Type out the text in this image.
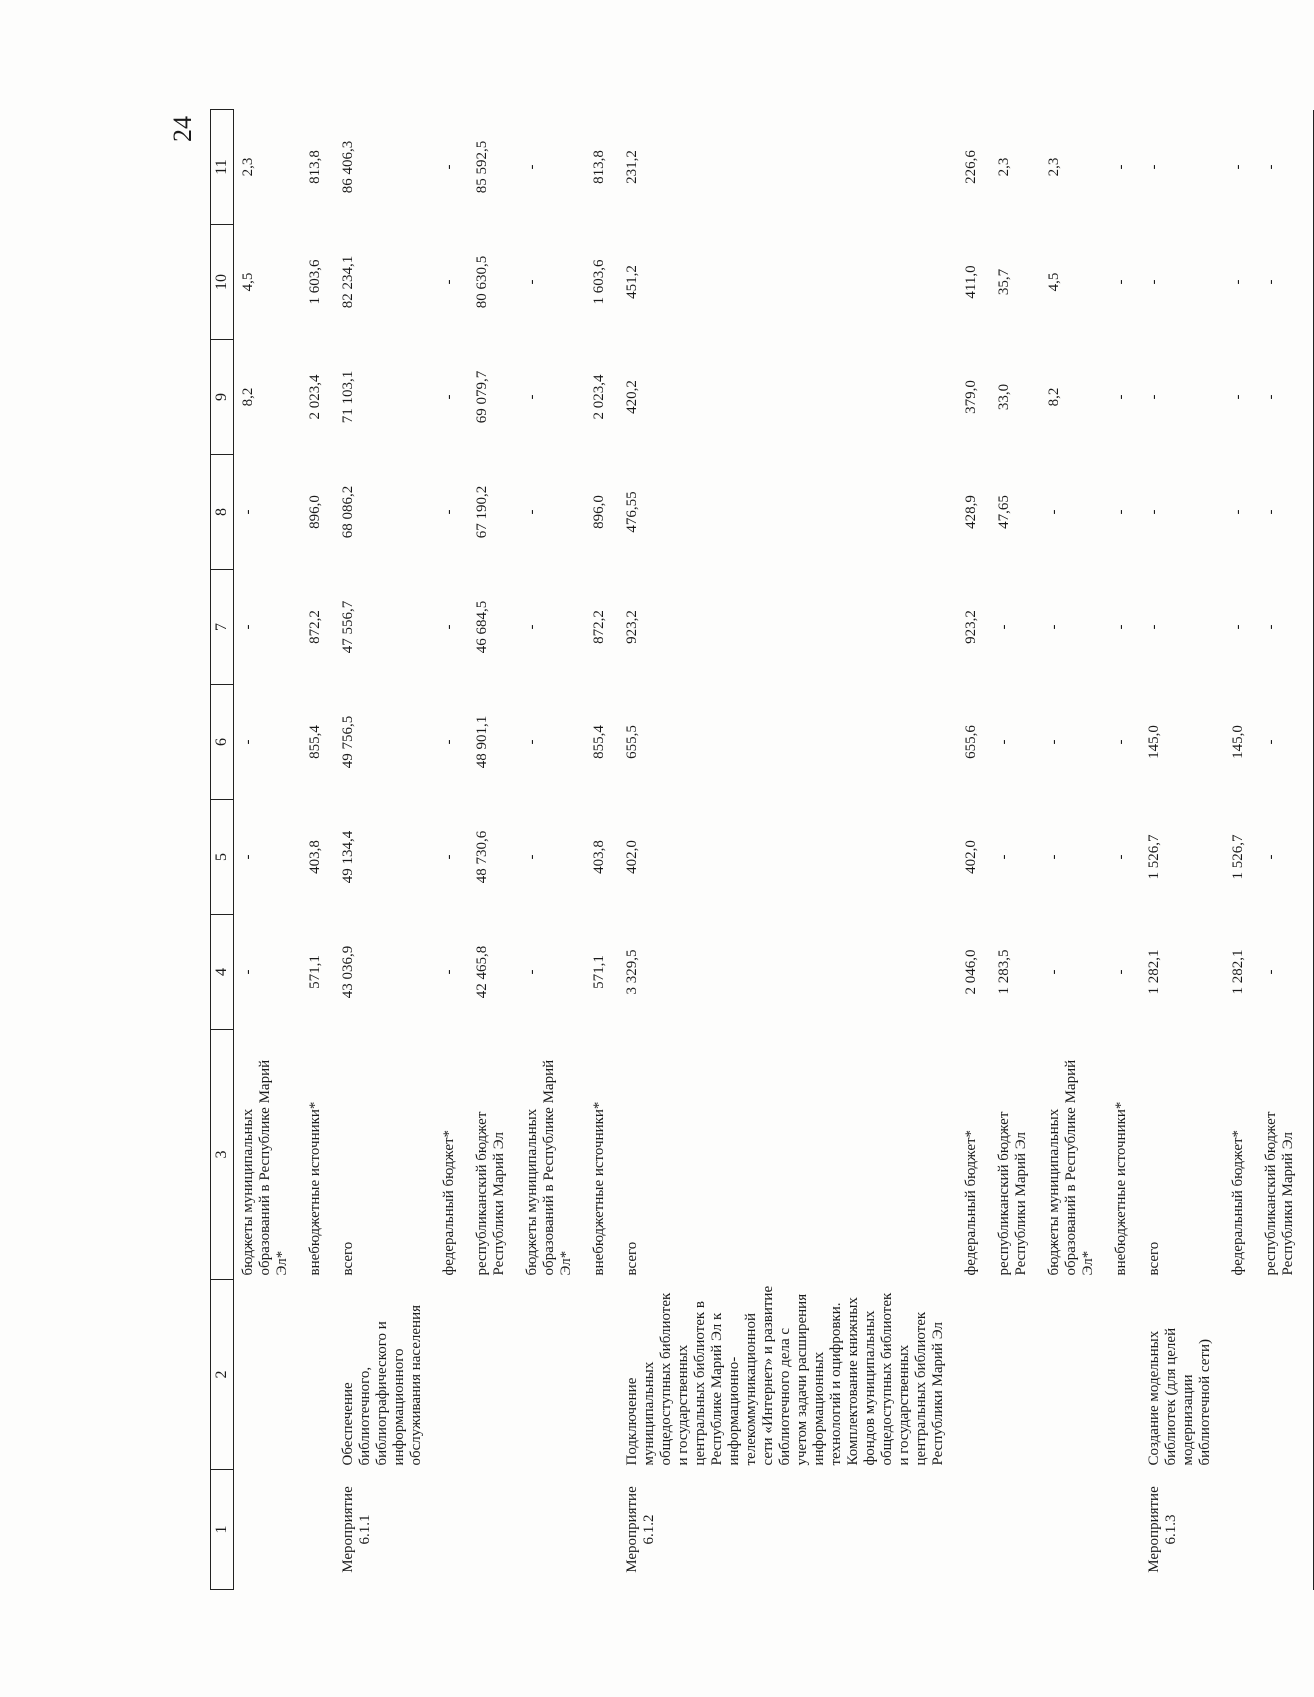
24
1	2	3	4	5	6	7	8	9	10	11
		бюджеты муниципальных образований в Республике Марий Эл*	-	-	-	-	-	8,2	4,5	2,3
		внебюджетные источники*	571,1	403,8	855,4	872,2	896,0	2 023,4	1 603,6	813,8
Мероприятие 6.1.1	Обеспечение библиотечного, библиографического и информационного обслуживания населения	всего	43 036,9	49 134,4	49 756,5	47 556,7	68 086,2	71 103,1	82 234,1	86 406,3
		федеральный бюджет*	-	-	-	-	-	-	-	-
		республиканский бюджет Республики Марий Эл	42 465,8	48 730,6	48 901,1	46 684,5	67 190,2	69 079,7	80 630,5	85 592,5
		бюджеты муниципальных образований в Республике Марий Эл*	-	-	-	-	-	-	-	-
		внебюджетные источники*	571,1	403,8	855,4	872,2	896,0	2 023,4	1 603,6	813,8
Мероприятие 6.1.2	Подключение муниципальных общедоступных библиотек и государственных центральных библиотек в Республике Марий Эл к информационно-телекоммуникационной сети «Интернет» и развитие библиотечного дела с учетом задачи расширения информационных технологий и оцифровки. Комплектование книжных фондов муниципальных общедоступных библиотек и государственных центральных библиотек Республики Марий Эл	всего	3 329,5	402,0	655,5	923,2	476,55	420,2	451,2	231,2
		федеральный бюджет*	2 046,0	402,0	655,6	923,2	428,9	379,0	411,0	226,6
		республиканский бюджет Республики Марий Эл	1 283,5	-	-	-	47,65	33,0	35,7	2,3
		бюджеты муниципальных образований в Республике Марий Эл*	-	-	-	-	-	8,2	4,5	2,3
		внебюджетные источники*	-	-	-	-	-	-	-	-
Мероприятие 6.1.3	Создание модельных библиотек (для целей модернизации библиотечной сети)	всего	1 282,1	1 526,7	145,0	-	-	-	-	-
		федеральный бюджет*	1 282,1	1 526,7	145,0	-	-	-	-	-
		республиканский бюджет Республики Марий Эл	-	-	-	-	-	-	-	-
